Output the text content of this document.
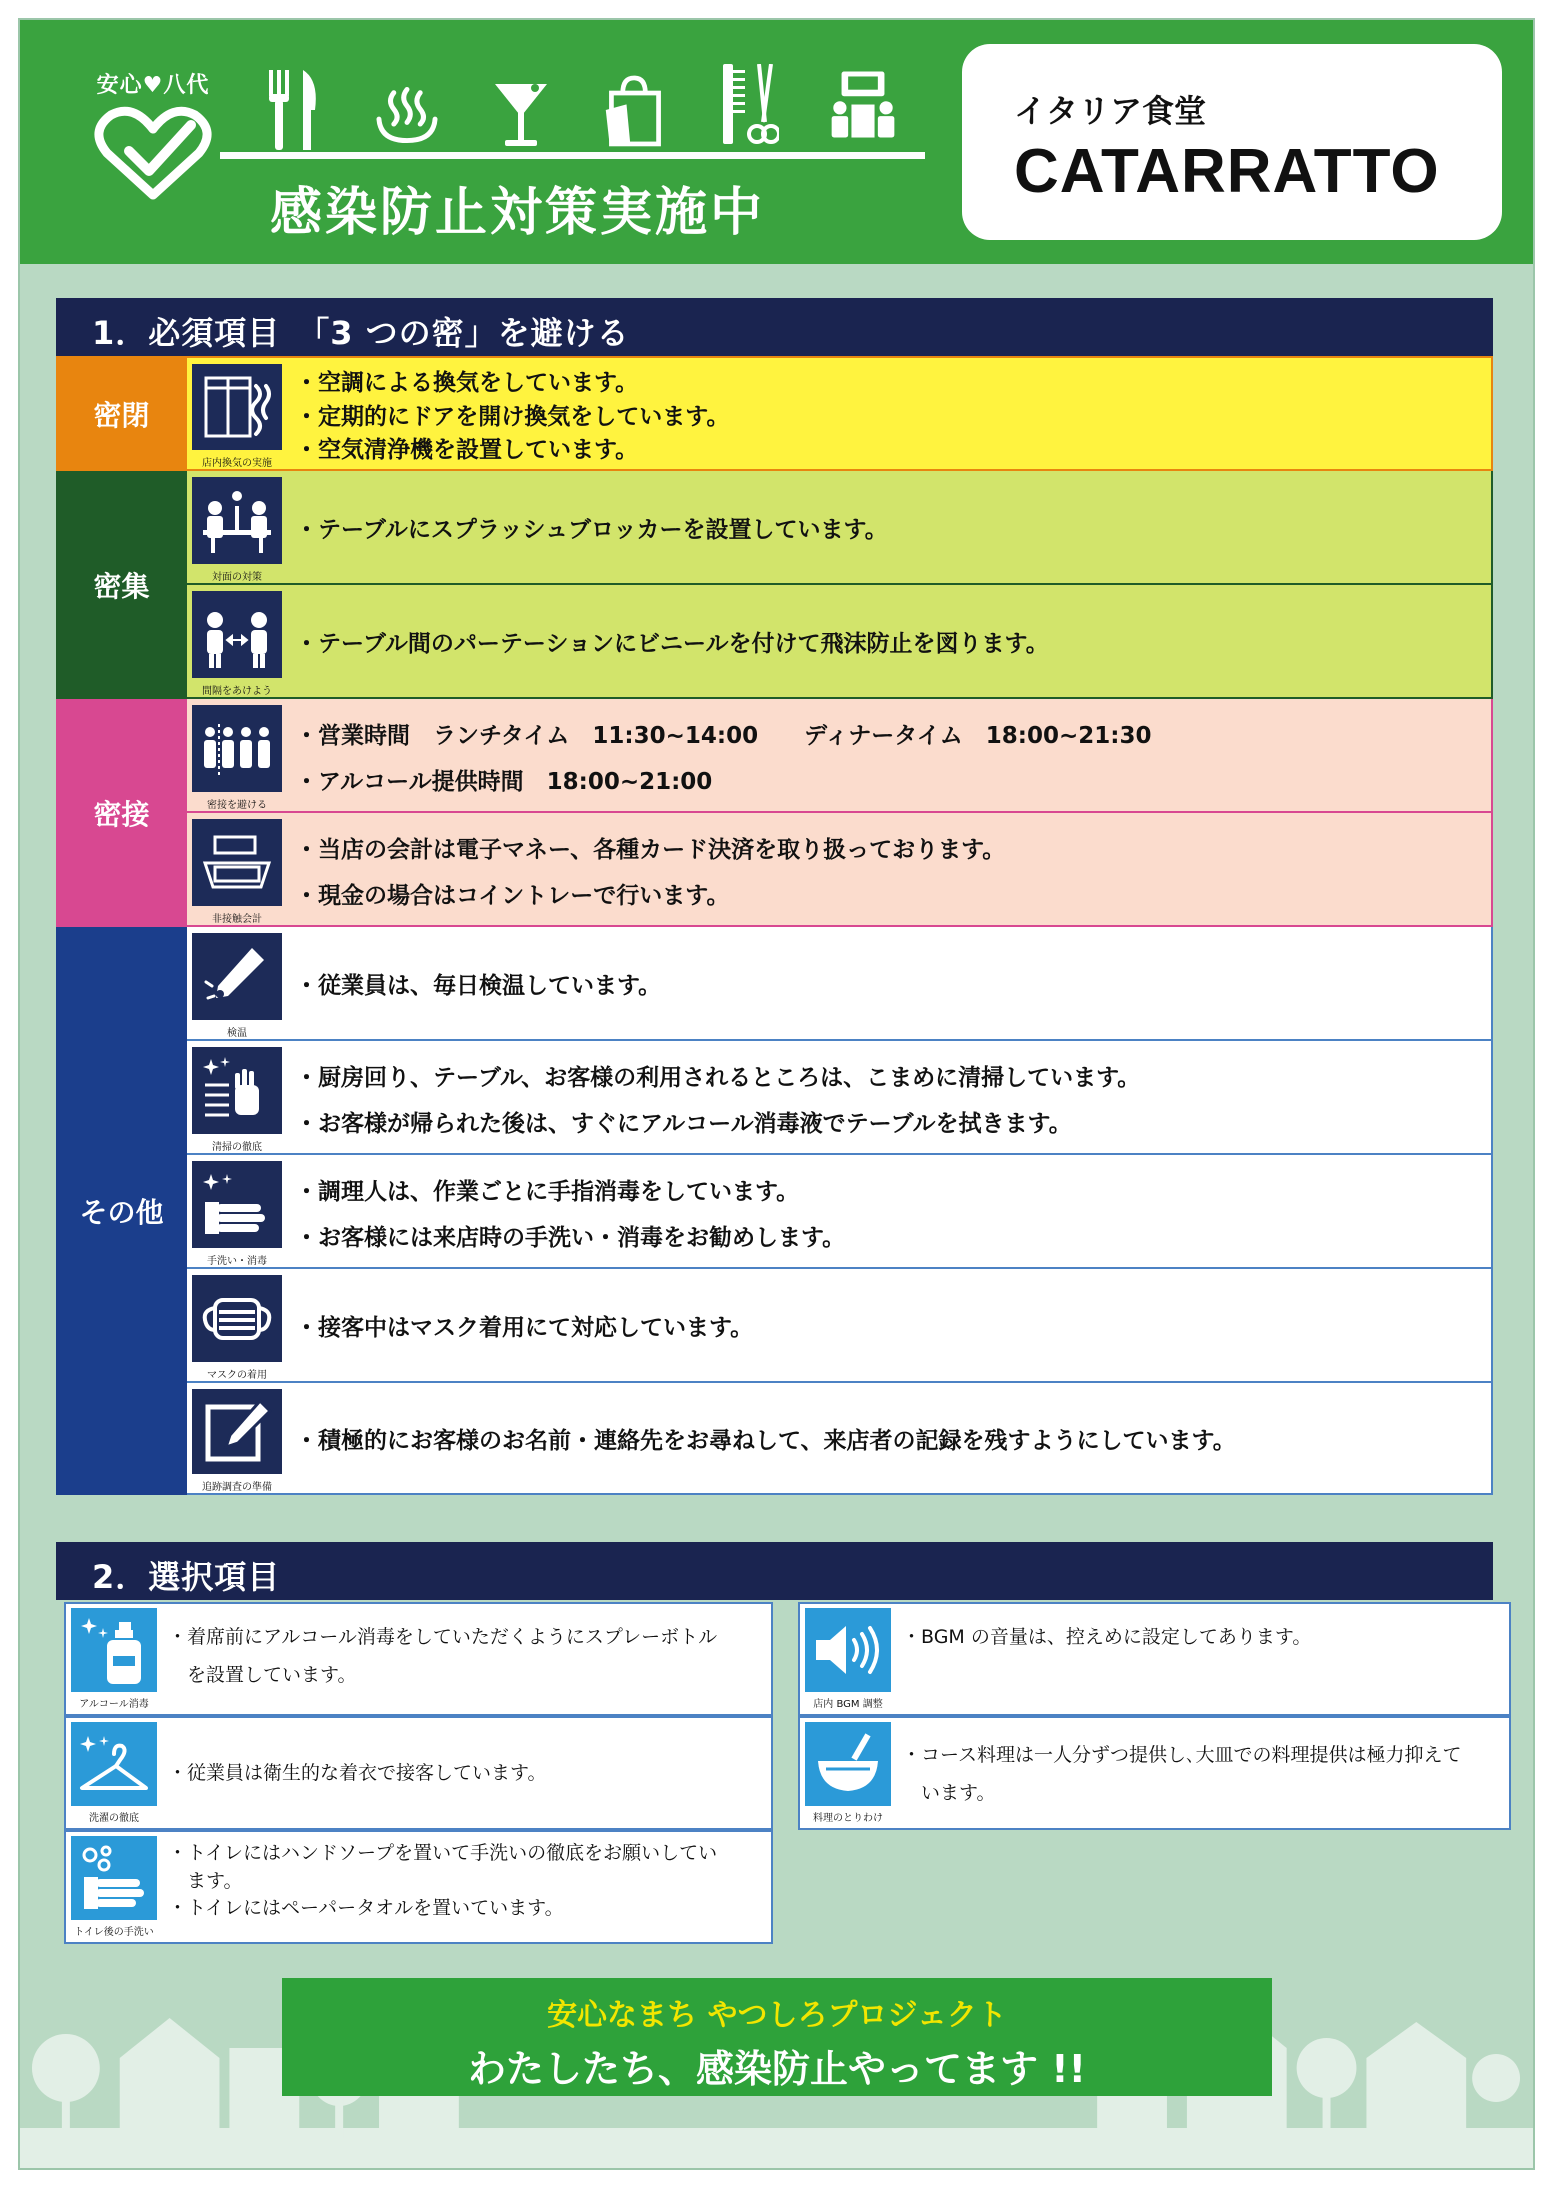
安心♥八代
感染防止対策実施中
イタリア食堂
CATARRATTO
1．必須項目　「3 つの密」を避ける
密閉
店内換気の実施
・空調による換気をしています。
・定期的にドアを開け換気をしています。
・空気清浄機を設置しています。
密集	対面の対策
・テーブルにスプラッシュブロッカーを設置しています。
間隔をあけよう
・テーブル間のパーテーションにビニールを付けて飛沫防止を図ります。
密接	密接を避ける
・営業時間　ランチタイム　11:30~14:00　　ディナータイム　18:00~21:30
・アルコール提供時間　18:00~21:00
非接触会計
・当店の会計は電子マネー、各種カード決済を取り扱っております。
・現金の場合はコイントレーで行います。
その他
検温
・従業員は、毎日検温しています。
清掃の徹底
・厨房回り、テーブル、お客様の利用されるところは、こまめに清掃しています。
・お客様が帰られた後は、すぐにアルコール消毒液でテーブルを拭きます。
手洗い・消毒
・調理人は、作業ごとに手指消毒をしています。
・お客様には来店時の手洗い・消毒をお勧めします。
マスクの着用
・接客中はマスク着用にて対応しています。
追跡調査の準備
・積極的にお客様のお名前・連絡先をお尋ねして、来店者の記録を残すようにしています。
2．選択項目
アルコール消毒
・着席前にアルコール消毒をしていただくようにスプレーボトル
　を設置しています。
店内 BGM 調整
・BGM の音量は、控えめに設定してあります。
洗濯の徹底
・従業員は衛生的な着衣で接客しています。
料理のとりわけ
・コース料理は一人分ずつ提供し､大皿での料理提供は極力抑えて
　います。
トイレ後の手洗い
・トイレにはハンドソープを置いて手洗いの徹底をお願いしてい
　ます。
・トイレにはペーパータオルを置いています。
安心なまち やつしろプロジェクト
わたしたち、感染防止やってます !!
